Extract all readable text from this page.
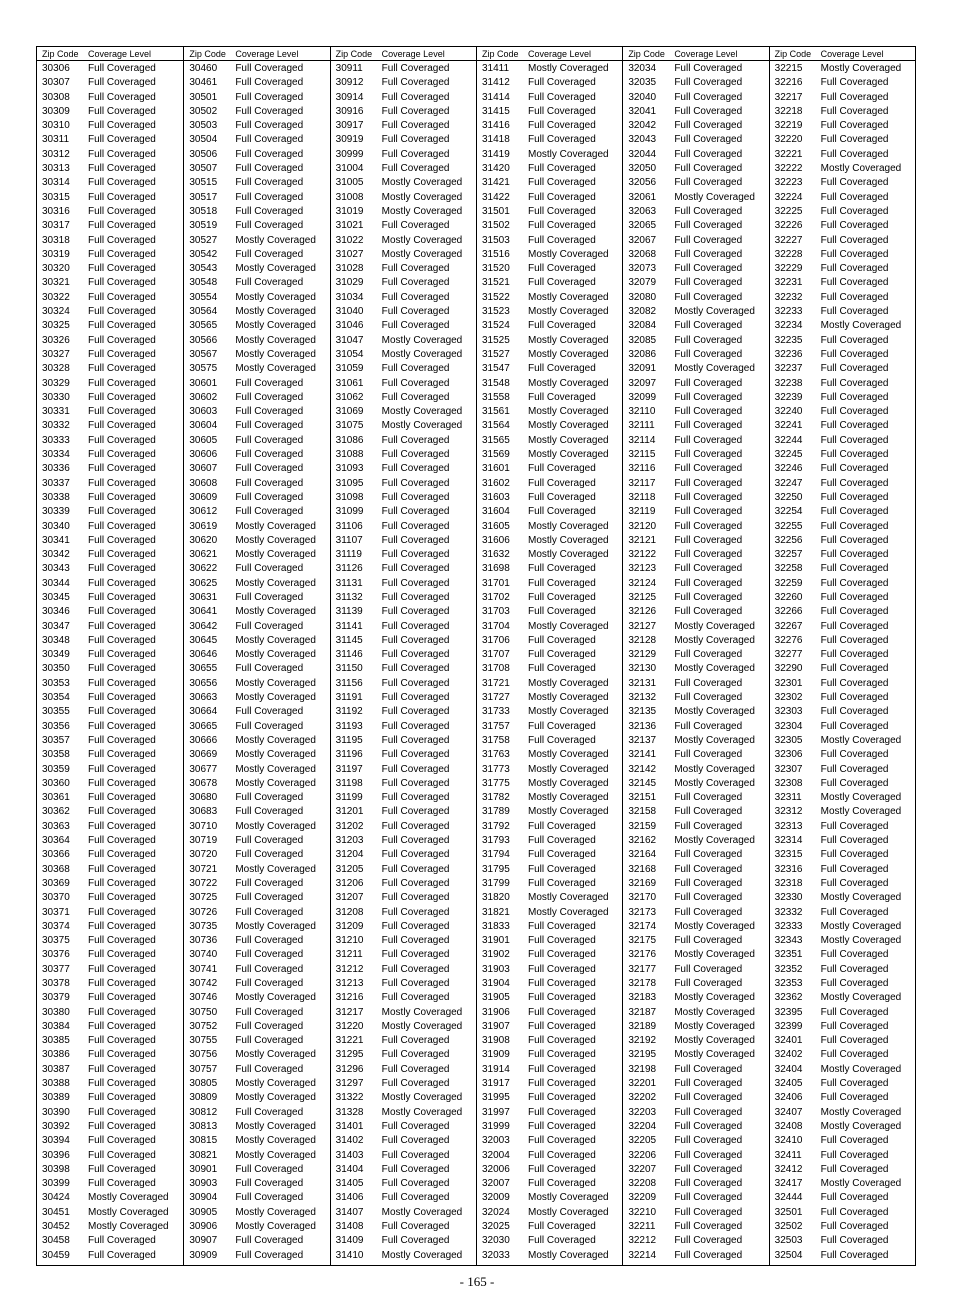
Zip Code	Coverage Level
30306	Full Coveraged
30307	Full Coveraged
30308	Full Coveraged
30309	Full Coveraged
30310	Full Coveraged
30311	Full Coveraged
30312	Full Coveraged
30313	Full Coveraged
30314	Full Coveraged
30315	Full Coveraged
30316	Full Coveraged
30317	Full Coveraged
30318	Full Coveraged
30319	Full Coveraged
30320	Full Coveraged
30321	Full Coveraged
30322	Full Coveraged
30324	Full Coveraged
30325	Full Coveraged
30326	Full Coveraged
30327	Full Coveraged
30328	Full Coveraged
30329	Full Coveraged
30330	Full Coveraged
30331	Full Coveraged
30332	Full Coveraged
30333	Full Coveraged
30334	Full Coveraged
30336	Full Coveraged
30337	Full Coveraged
30338	Full Coveraged
30339	Full Coveraged
30340	Full Coveraged
30341	Full Coveraged
30342	Full Coveraged
30343	Full Coveraged
30344	Full Coveraged
30345	Full Coveraged
30346	Full Coveraged
30347	Full Coveraged
30348	Full Coveraged
30349	Full Coveraged
30350	Full Coveraged
30353	Full Coveraged
30354	Full Coveraged
30355	Full Coveraged
30356	Full Coveraged
30357	Full Coveraged
30358	Full Coveraged
30359	Full Coveraged
30360	Full Coveraged
30361	Full Coveraged
30362	Full Coveraged
30363	Full Coveraged
30364	Full Coveraged
30366	Full Coveraged
30368	Full Coveraged
30369	Full Coveraged
30370	Full Coveraged
30371	Full Coveraged
30374	Full Coveraged
30375	Full Coveraged
30376	Full Coveraged
30377	Full Coveraged
30378	Full Coveraged
30379	Full Coveraged
30380	Full Coveraged
30384	Full Coveraged
30385	Full Coveraged
30386	Full Coveraged
30387	Full Coveraged
30388	Full Coveraged
30389	Full Coveraged
30390	Full Coveraged
30392	Full Coveraged
30394	Full Coveraged
30396	Full Coveraged
30398	Full Coveraged
30399	Full Coveraged
30424	Mostly Coveraged
30451	Mostly Coveraged
30452	Mostly Coveraged
30458	Full Coveraged
30459	Full Coveraged
Zip Code	Coverage Level
30460	Full Coveraged
30461	Full Coveraged
30501	Full Coveraged
30502	Full Coveraged
30503	Full Coveraged
30504	Full Coveraged
30506	Full Coveraged
30507	Full Coveraged
30515	Full Coveraged
30517	Full Coveraged
30518	Full Coveraged
30519	Full Coveraged
30527	Mostly Coveraged
30542	Full Coveraged
30543	Mostly Coveraged
30548	Full Coveraged
30554	Mostly Coveraged
30564	Mostly Coveraged
30565	Mostly Coveraged
30566	Mostly Coveraged
30567	Mostly Coveraged
30575	Mostly Coveraged
30601	Full Coveraged
30602	Full Coveraged
30603	Full Coveraged
30604	Full Coveraged
30605	Full Coveraged
30606	Full Coveraged
30607	Full Coveraged
30608	Full Coveraged
30609	Full Coveraged
30612	Full Coveraged
30619	Mostly Coveraged
30620	Mostly Coveraged
30621	Mostly Coveraged
30622	Full Coveraged
30625	Mostly Coveraged
30631	Full Coveraged
30641	Mostly Coveraged
30642	Full Coveraged
30645	Mostly Coveraged
30646	Mostly Coveraged
30655	Full Coveraged
30656	Mostly Coveraged
30663	Mostly Coveraged
30664	Full Coveraged
30665	Full Coveraged
30666	Mostly Coveraged
30669	Mostly Coveraged
30677	Mostly Coveraged
30678	Mostly Coveraged
30680	Full Coveraged
30683	Full Coveraged
30710	Mostly Coveraged
30719	Full Coveraged
30720	Full Coveraged
30721	Mostly Coveraged
30722	Full Coveraged
30725	Full Coveraged
30726	Full Coveraged
30735	Mostly Coveraged
30736	Full Coveraged
30740	Full Coveraged
30741	Full Coveraged
30742	Full Coveraged
30746	Mostly Coveraged
30750	Full Coveraged
30752	Full Coveraged
30755	Full Coveraged
30756	Mostly Coveraged
30757	Full Coveraged
30805	Mostly Coveraged
30809	Mostly Coveraged
30812	Full Coveraged
30813	Mostly Coveraged
30815	Mostly Coveraged
30821	Mostly Coveraged
30901	Full Coveraged
30903	Full Coveraged
30904	Full Coveraged
30905	Mostly Coveraged
30906	Mostly Coveraged
30907	Full Coveraged
30909	Full Coveraged
Zip Code	Coverage Level
30911	Full Coveraged
30912	Full Coveraged
30914	Full Coveraged
30916	Full Coveraged
30917	Full Coveraged
30919	Full Coveraged
30999	Full Coveraged
31004	Full Coveraged
31005	Mostly Coveraged
31008	Mostly Coveraged
31019	Mostly Coveraged
31021	Full Coveraged
31022	Mostly Coveraged
31027	Mostly Coveraged
31028	Full Coveraged
31029	Full Coveraged
31034	Full Coveraged
31040	Full Coveraged
31046	Full Coveraged
31047	Mostly Coveraged
31054	Mostly Coveraged
31059	Full Coveraged
31061	Full Coveraged
31062	Full Coveraged
31069	Mostly Coveraged
31075	Mostly Coveraged
31086	Full Coveraged
31088	Full Coveraged
31093	Full Coveraged
31095	Full Coveraged
31098	Full Coveraged
31099	Full Coveraged
31106	Full Coveraged
31107	Full Coveraged
31119	Full Coveraged
31126	Full Coveraged
31131	Full Coveraged
31132	Full Coveraged
31139	Full Coveraged
31141	Full Coveraged
31145	Full Coveraged
31146	Full Coveraged
31150	Full Coveraged
31156	Full Coveraged
31191	Full Coveraged
31192	Full Coveraged
31193	Full Coveraged
31195	Full Coveraged
31196	Full Coveraged
31197	Full Coveraged
31198	Full Coveraged
31199	Full Coveraged
31201	Full Coveraged
31202	Full Coveraged
31203	Full Coveraged
31204	Full Coveraged
31205	Full Coveraged
31206	Full Coveraged
31207	Full Coveraged
31208	Full Coveraged
31209	Full Coveraged
31210	Full Coveraged
31211	Full Coveraged
31212	Full Coveraged
31213	Full Coveraged
31216	Full Coveraged
31217	Mostly Coveraged
31220	Mostly Coveraged
31221	Full Coveraged
31295	Full Coveraged
31296	Full Coveraged
31297	Full Coveraged
31322	Mostly Coveraged
31328	Mostly Coveraged
31401	Full Coveraged
31402	Full Coveraged
31403	Full Coveraged
31404	Full Coveraged
31405	Full Coveraged
31406	Full Coveraged
31407	Mostly Coveraged
31408	Full Coveraged
31409	Full Coveraged
31410	Mostly Coveraged
Zip Code	Coverage Level
31411	Mostly Coveraged
31412	Full Coveraged
31414	Full Coveraged
31415	Full Coveraged
31416	Full Coveraged
31418	Full Coveraged
31419	Mostly Coveraged
31420	Full Coveraged
31421	Full Coveraged
31422	Full Coveraged
31501	Full Coveraged
31502	Full Coveraged
31503	Full Coveraged
31516	Mostly Coveraged
31520	Full Coveraged
31521	Full Coveraged
31522	Mostly Coveraged
31523	Mostly Coveraged
31524	Full Coveraged
31525	Mostly Coveraged
31527	Mostly Coveraged
31547	Full Coveraged
31548	Mostly Coveraged
31558	Full Coveraged
31561	Mostly Coveraged
31564	Mostly Coveraged
31565	Mostly Coveraged
31569	Mostly Coveraged
31601	Full Coveraged
31602	Full Coveraged
31603	Full Coveraged
31604	Full Coveraged
31605	Mostly Coveraged
31606	Mostly Coveraged
31632	Mostly Coveraged
31698	Full Coveraged
31701	Full Coveraged
31702	Full Coveraged
31703	Full Coveraged
31704	Mostly Coveraged
31706	Full Coveraged
31707	Full Coveraged
31708	Full Coveraged
31721	Mostly Coveraged
31727	Mostly Coveraged
31733	Mostly Coveraged
31757	Full Coveraged
31758	Full Coveraged
31763	Mostly Coveraged
31773	Mostly Coveraged
31775	Mostly Coveraged
31782	Mostly Coveraged
31789	Mostly Coveraged
31792	Full Coveraged
31793	Full Coveraged
31794	Full Coveraged
31795	Full Coveraged
31799	Full Coveraged
31820	Mostly Coveraged
31821	Mostly Coveraged
31833	Full Coveraged
31901	Full Coveraged
31902	Full Coveraged
31903	Full Coveraged
31904	Full Coveraged
31905	Full Coveraged
31906	Full Coveraged
31907	Full Coveraged
31908	Full Coveraged
31909	Full Coveraged
31914	Full Coveraged
31917	Full Coveraged
31995	Full Coveraged
31997	Full Coveraged
31999	Full Coveraged
32003	Full Coveraged
32004	Full Coveraged
32006	Full Coveraged
32007	Full Coveraged
32009	Mostly Coveraged
32024	Mostly Coveraged
32025	Full Coveraged
32030	Full Coveraged
32033	Mostly Coveraged
Zip Code	Coverage Level
32034	Full Coveraged
32035	Full Coveraged
32040	Full Coveraged
32041	Full Coveraged
32042	Full Coveraged
32043	Full Coveraged
32044	Full Coveraged
32050	Full Coveraged
32056	Full Coveraged
32061	Mostly Coveraged
32063	Full Coveraged
32065	Full Coveraged
32067	Full Coveraged
32068	Full Coveraged
32073	Full Coveraged
32079	Full Coveraged
32080	Full Coveraged
32082	Mostly Coveraged
32084	Full Coveraged
32085	Full Coveraged
32086	Full Coveraged
32091	Mostly Coveraged
32097	Full Coveraged
32099	Full Coveraged
32110	Full Coveraged
32111	Full Coveraged
32114	Full Coveraged
32115	Full Coveraged
32116	Full Coveraged
32117	Full Coveraged
32118	Full Coveraged
32119	Full Coveraged
32120	Full Coveraged
32121	Full Coveraged
32122	Full Coveraged
32123	Full Coveraged
32124	Full Coveraged
32125	Full Coveraged
32126	Full Coveraged
32127	Mostly Coveraged
32128	Mostly Coveraged
32129	Full Coveraged
32130	Mostly Coveraged
32131	Full Coveraged
32132	Full Coveraged
32135	Mostly Coveraged
32136	Full Coveraged
32137	Mostly Coveraged
32141	Full Coveraged
32142	Mostly Coveraged
32145	Mostly Coveraged
32151	Full Coveraged
32158	Full Coveraged
32159	Full Coveraged
32162	Mostly Coveraged
32164	Full Coveraged
32168	Full Coveraged
32169	Full Coveraged
32170	Full Coveraged
32173	Full Coveraged
32174	Mostly Coveraged
32175	Full Coveraged
32176	Mostly Coveraged
32177	Full Coveraged
32178	Full Coveraged
32183	Mostly Coveraged
32187	Mostly Coveraged
32189	Mostly Coveraged
32192	Mostly Coveraged
32195	Mostly Coveraged
32198	Full Coveraged
32201	Full Coveraged
32202	Full Coveraged
32203	Full Coveraged
32204	Full Coveraged
32205	Full Coveraged
32206	Full Coveraged
32207	Full Coveraged
32208	Full Coveraged
32209	Full Coveraged
32210	Full Coveraged
32211	Full Coveraged
32212	Full Coveraged
32214	Full Coveraged
Zip Code	Coverage Level
32215	Mostly Coveraged
32216	Full Coveraged
32217	Full Coveraged
32218	Full Coveraged
32219	Full Coveraged
32220	Full Coveraged
32221	Full Coveraged
32222	Mostly Coveraged
32223	Full Coveraged
32224	Full Coveraged
32225	Full Coveraged
32226	Full Coveraged
32227	Full Coveraged
32228	Full Coveraged
32229	Full Coveraged
32231	Full Coveraged
32232	Full Coveraged
32233	Full Coveraged
32234	Mostly Coveraged
32235	Full Coveraged
32236	Full Coveraged
32237	Full Coveraged
32238	Full Coveraged
32239	Full Coveraged
32240	Full Coveraged
32241	Full Coveraged
32244	Full Coveraged
32245	Full Coveraged
32246	Full Coveraged
32247	Full Coveraged
32250	Full Coveraged
32254	Full Coveraged
32255	Full Coveraged
32256	Full Coveraged
32257	Full Coveraged
32258	Full Coveraged
32259	Full Coveraged
32260	Full Coveraged
32266	Full Coveraged
32267	Full Coveraged
32276	Full Coveraged
32277	Full Coveraged
32290	Full Coveraged
32301	Full Coveraged
32302	Full Coveraged
32303	Full Coveraged
32304	Full Coveraged
32305	Mostly Coveraged
32306	Full Coveraged
32307	Full Coveraged
32308	Full Coveraged
32311	Mostly Coveraged
32312	Mostly Coveraged
32313	Full Coveraged
32314	Full Coveraged
32315	Full Coveraged
32316	Full Coveraged
32318	Full Coveraged
32330	Mostly Coveraged
32332	Full Coveraged
32333	Mostly Coveraged
32343	Mostly Coveraged
32351	Full Coveraged
32352	Full Coveraged
32353	Full Coveraged
32362	Mostly Coveraged
32395	Full Coveraged
32399	Full Coveraged
32401	Full Coveraged
32402	Full Coveraged
32404	Mostly Coveraged
32405	Full Coveraged
32406	Full Coveraged
32407	Mostly Coveraged
32408	Mostly Coveraged
32410	Full Coveraged
32411	Full Coveraged
32412	Full Coveraged
32417	Mostly Coveraged
32444	Full Coveraged
32501	Full Coveraged
32502	Full Coveraged
32503	Full Coveraged
32504	Full Coveraged
- 165 -
